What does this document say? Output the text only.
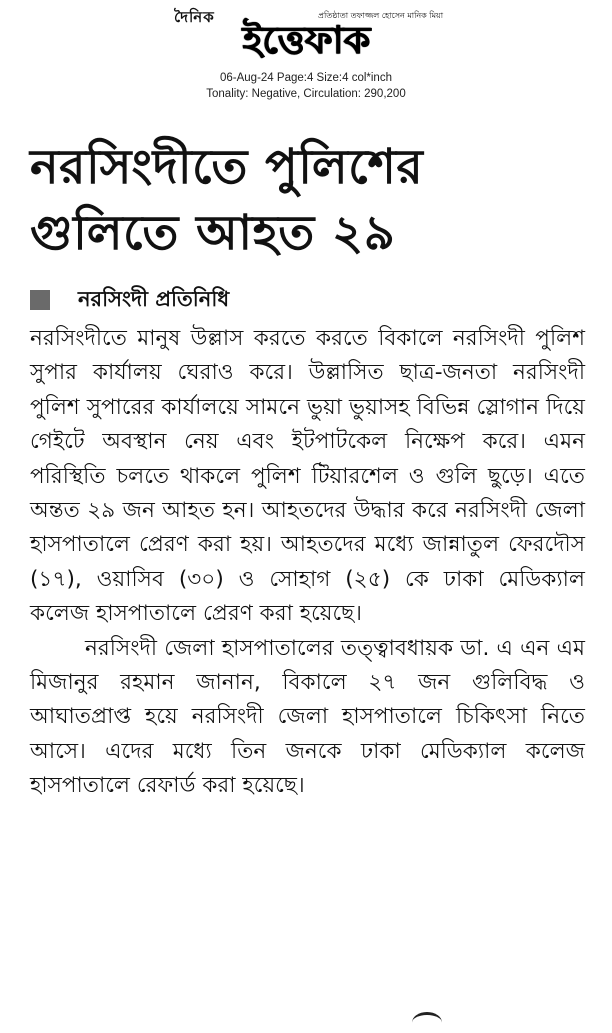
দৈনিক	প্রতিষ্ঠাতা তফাজ্জল হোসেন মানিক মিয়া
ইত্তেফাক
06-Aug-24 Page:4 Size:4 col*inch
Tonality: Negative, Circulation: 290,200
নরসিংদীতে পুলিশের
গুলিতে আহত ২৯
নরসিংদী প্রতিনিধি

নরসিংদীতে মানুষ উল্লাস করতে করতে বিকালে নরসিংদী পুলিশ সুপার কার্যালয় ঘেরাও করে। উল্লাসিত ছাত্র-জনতা নরসিংদী পুলিশ সুপারের কার্যালয়ে সামনে ভুয়া ভুয়াসহ বিভিন্ন স্লোগান দিয়ে গেইটে অবস্থান নেয় এবং ইটপাটকেল নিক্ষেপ করে। এমন পরিস্থিতি চলতে থাকলে পুলিশ টিয়ারশেল ও গুলি ছুড়ে। এতে অন্তত ২৯ জন আহত হন। আহতদের উদ্ধার করে নরসিংদী জেলা হাসপাতালে প্রেরণ করা হয়। আহতদের মধ্যে জান্নাতুল ফেরদৌস (১৭), ওয়াসিব (৩০) ও সোহাগ (২৫) কে ঢাকা মেডিক্যাল কলেজ হাসপাতালে প্রেরণ করা হয়েছে।

নরসিংদী জেলা হাসপাতালের তত্ত্বাবধায়ক ডা. এ এন এম মিজানুর রহমান জানান, বিকালে ২৭ জন গুলিবিদ্ধ ও আঘাতপ্রাপ্ত হয়ে নরসিংদী জেলা হাসপাতালে চিকিৎসা নিতে আসে। এদের মধ্যে তিন জনকে ঢাকা মেডিক্যাল কলেজ হাসপাতালে রেফার্ড করা হয়েছে।
